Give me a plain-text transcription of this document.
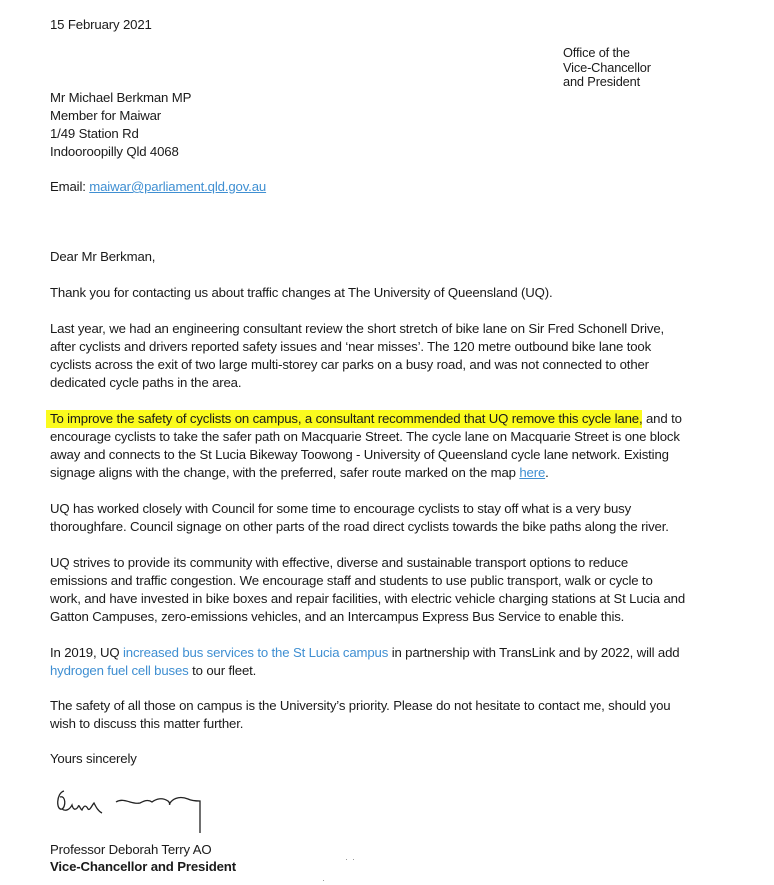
15 February 2021
Office of the
Vice-Chancellor
and President
Mr Michael Berkman MP
Member for Maiwar
1/49 Station Rd
Indooroopilly Qld 4068
Email: maiwar@parliament.qld.gov.au
Dear Mr Berkman,
Thank you for contacting us about traffic changes at The University of Queensland (UQ).
Last year, we had an engineering consultant review the short stretch of bike lane on Sir Fred Schonell Drive,
after cyclists and drivers reported safety issues and ‘near misses’. The 120 metre outbound bike lane took
cyclists across the exit of two large multi-storey car parks on a busy road, and was not connected to other
dedicated cycle paths in the area.
To improve the safety of cyclists on campus, a consultant recommended that UQ remove this cycle lane, and to
encourage cyclists to take the safer path on Macquarie Street. The cycle lane on Macquarie Street is one block
away and connects to the St Lucia Bikeway Toowong - University of Queensland cycle lane network. Existing
signage aligns with the change, with the preferred, safer route marked on the map here.
UQ has worked closely with Council for some time to encourage cyclists to stay off what is a very busy
thoroughfare. Council signage on other parts of the road direct cyclists towards the bike paths along the river.
UQ strives to provide its community with effective, diverse and sustainable transport options to reduce
emissions and traffic congestion. We encourage staff and students to use public transport, walk or cycle to
work, and have invested in bike boxes and repair facilities, with electric vehicle charging stations at St Lucia and
Gatton Campuses, zero-emissions vehicles, and an Intercampus Express Bus Service to enable this.
In 2019, UQ increased bus services to the St Lucia campus in partnership with TransLink and by 2022, will add
hydrogen fuel cell buses to our fleet.
The safety of all those on campus is the University’s priority. Please do not hesitate to contact me, should you
wish to discuss this matter further.
Yours sincerely
Professor Deborah Terry AO
Vice-Chancellor and President
